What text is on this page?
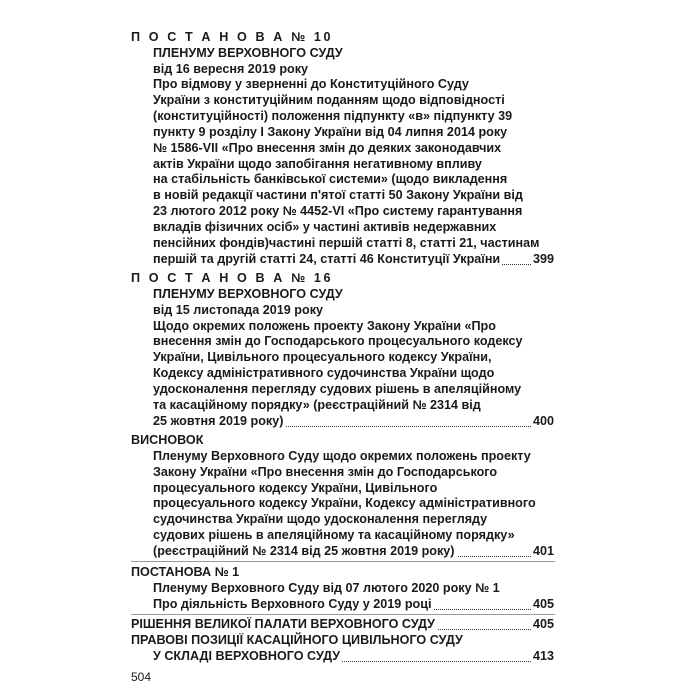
П О С Т А Н О В А № 10
ПЛЕНУМУ ВЕРХОВНОГО СУДУ
від 16 вересня 2019 року
Про відмову у зверненні до Конституційного Суду
України з конституційним поданням щодо відповідності
(конституційності) положення підпункту «в» підпункту 39
пункту 9 розділу І Закону України від 04 липня 2014 року
№ 1586-VII «Про внесення змін до деяких законодавчих
актів України щодо запобігання негативному впливу
на стабільність банківської системи» (щодо викладення
в новій редакції частини п'ятої статті 50 Закону України від
23 лютого 2012 року № 4452-VI «Про систему гарантування
вкладів фізичних осіб» у частині активів недержавних
пенсійних фондів)частині першій статті 8, статті 21, частинам
першій та другій статті 24, статті 46 Конституції України	399
П О С Т А Н О В А № 16
ПЛЕНУМУ ВЕРХОВНОГО СУДУ
від 15 листопада 2019 року
Щодо окремих положень проекту Закону України «Про
внесення змін до Господарського процесуального кодексу
України, Цивільного процесуального кодексу України,
Кодексу адміністративного судочинства України щодо
удосконалення перегляду судових рішень в апеляційному
та касаційному порядку» (реєстраційний № 2314 від
25 жовтня 2019 року)	400
ВИСНОВОК
Пленуму Верховного Суду щодо окремих положень проекту
Закону України «Про внесення змін до Господарського
процесуального кодексу України, Цивільного
процесуального кодексу України, Кодексу адміністративного
судочинства України щодо удосконалення перегляду
судових рішень в апеляційному та касаційному порядку»
(реєстраційний № 2314 від 25 жовтня 2019 року)	401
ПОСТАНОВА № 1
Пленуму Верховного Суду від 07 лютого 2020 року № 1
Про діяльність Верховного Суду у 2019 році	405
РІШЕННЯ ВЕЛИКОЇ ПАЛАТИ ВЕРХОВНОГО СУДУ	405
ПРАВОВІ ПОЗИЦІЇ КАСАЦІЙНОГО ЦИВІЛЬНОГО СУДУ
У СКЛАДІ ВЕРХОВНОГО СУДУ	413
504
